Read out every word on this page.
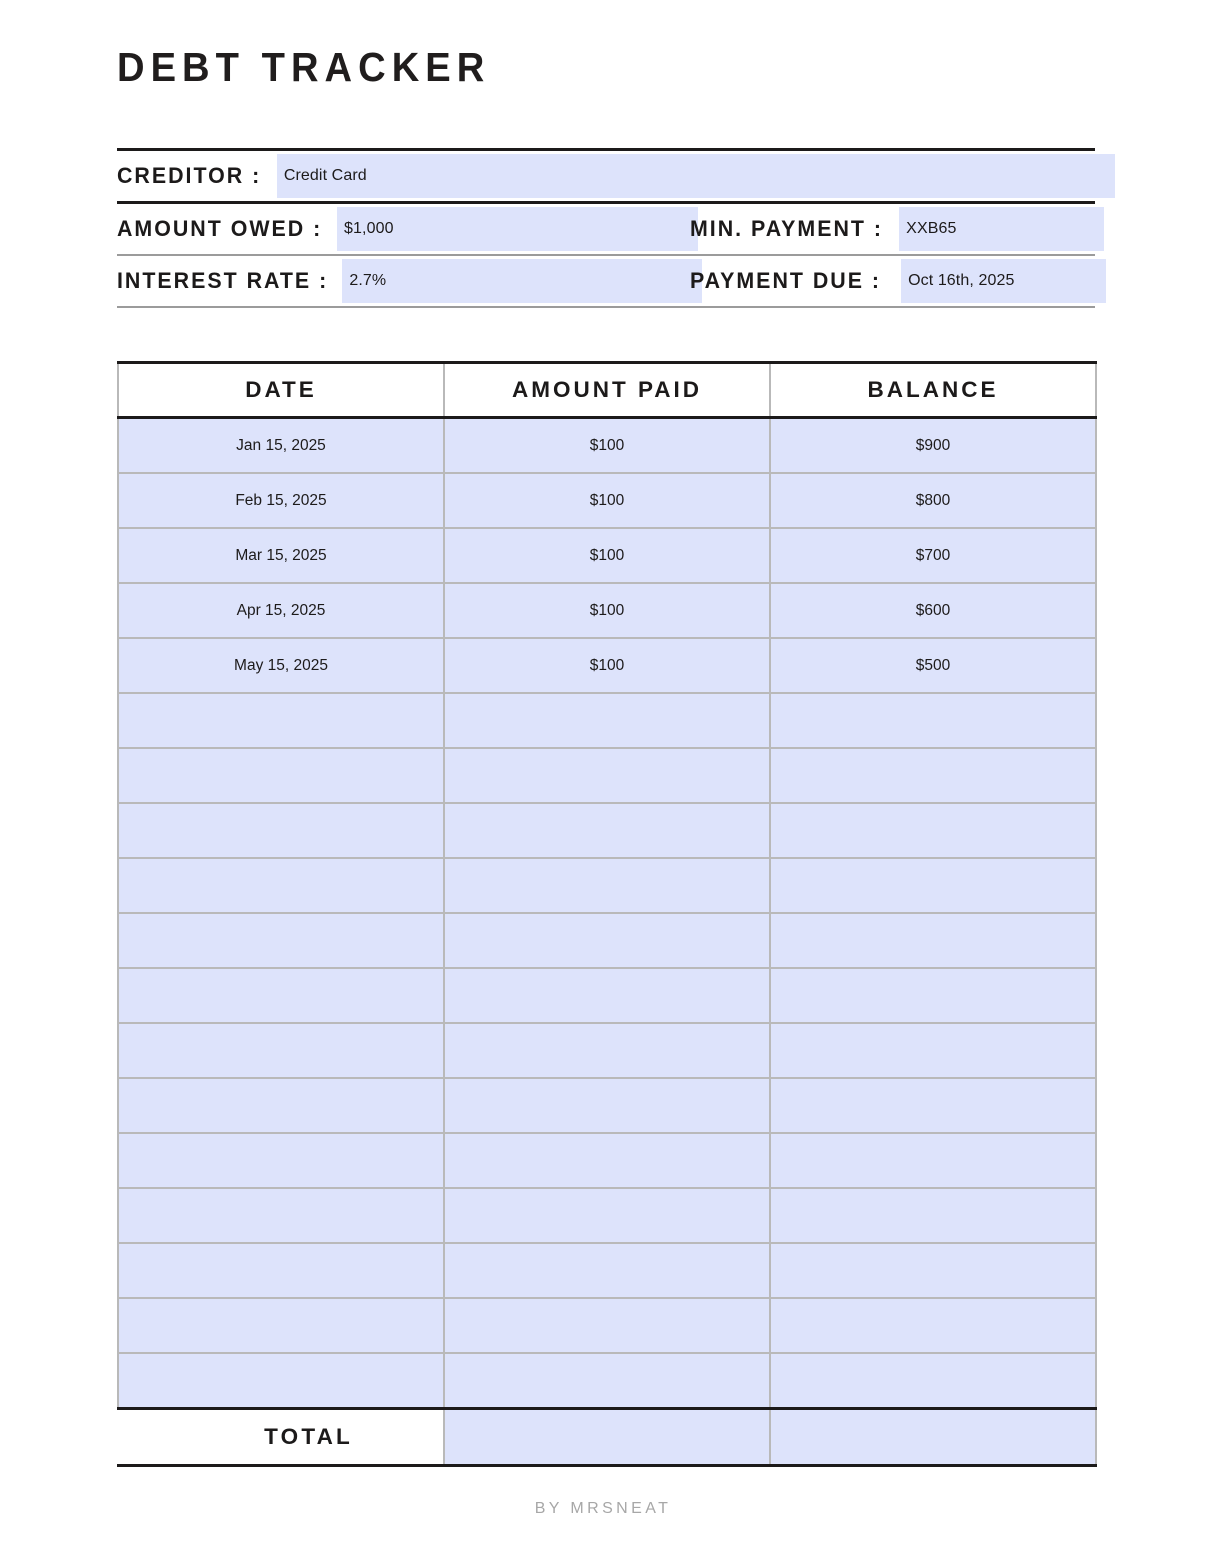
DEBT TRACKER
CREDITOR : Credit Card
AMOUNT OWED : $1,000	MIN. PAYMENT : XXB65
INTEREST RATE : 2.7%	PAYMENT DUE : Oct 16th, 2025
DATE	AMOUNT PAID	BALANCE
Jan 15, 2025	$100	$900
Feb 15, 2025	$100	$800
Mar 15, 2025	$100	$700
Apr 15, 2025	$100	$600
May 15, 2025	$100	$500

TOTAL		
BY MRSNEAT
